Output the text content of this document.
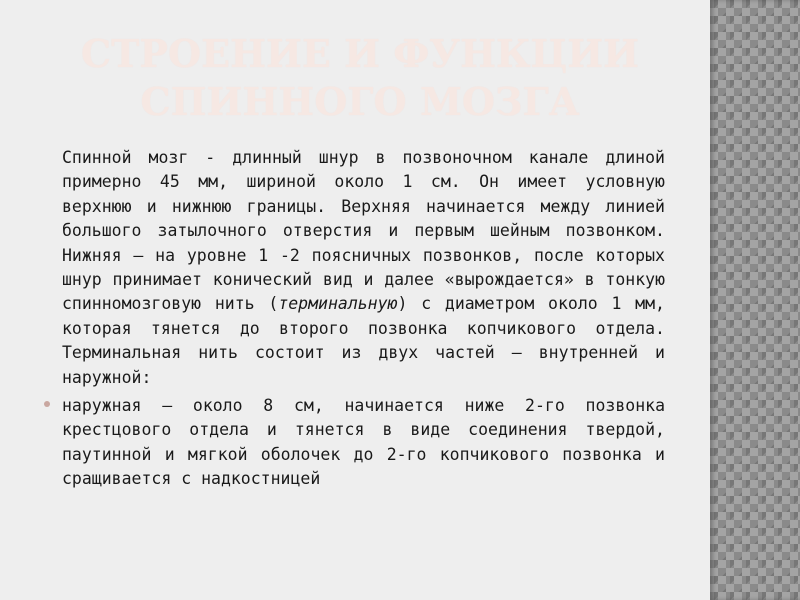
СТРОЕНИЕ И ФУНКЦИИ
СПИННОГО МОЗГА

Спинной мозг - длинный шнур в позвоночном канале длиной примерно 45 мм, шириной около 1 см. Он имеет условную верхнюю и нижнюю границы. Верхняя начинается между линией большого затылочного отверстия и первым шейным позвонком. Нижняя – на уровне 1 -2 поясничных позвонков, после которых шнур принимает конический вид и далее «вырождается» в тонкую спинномозговую нить (терминальную) с диаметром около 1 мм, которая тянется до второго позвонка копчикового отдела. Терминальная нить состоит из двух частей – внутренней и наружной:

наружная — около 8 см, начинается ниже 2-го позвонка крестцового отдела и тянется в виде соединения твердой, паутинной и мягкой оболочек до 2-го копчикового позвонка и сращивается с надкостницей
